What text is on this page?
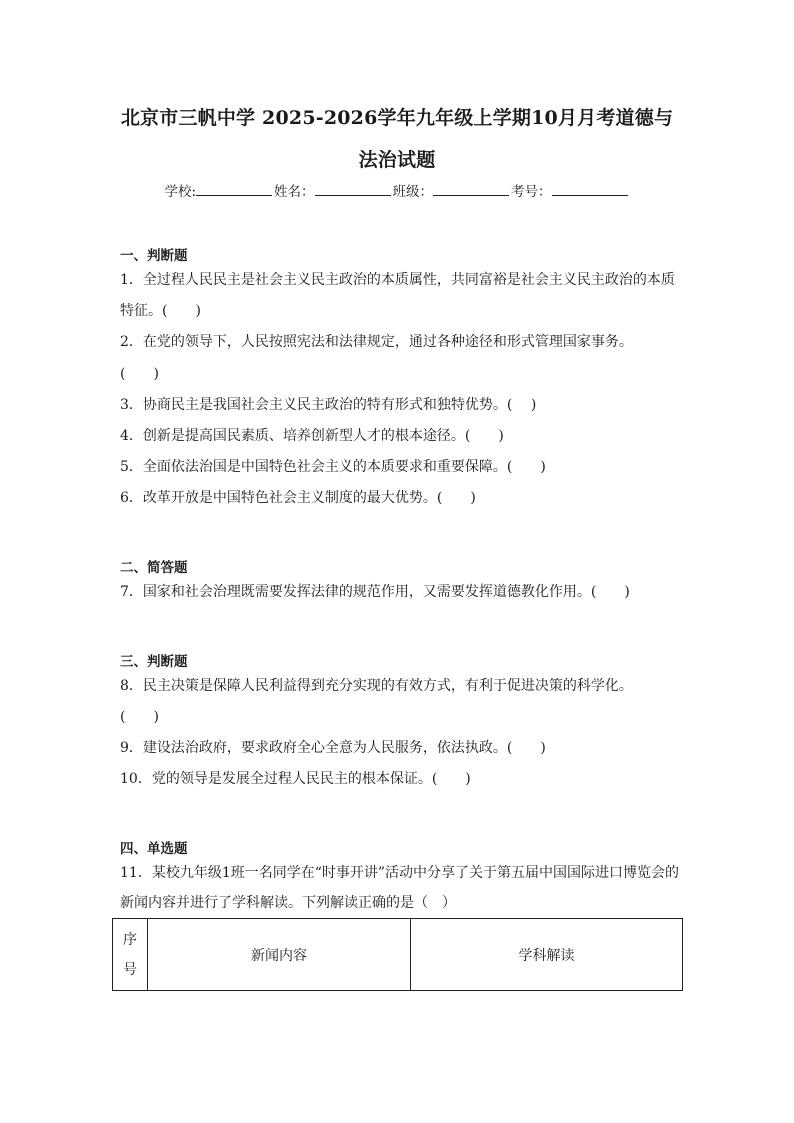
北京市三帆中学 2025-2026学年九年级上学期10月月考道德与
法治试题
学校:	姓名：	班级：	考号：
一、判断题
1．全过程人民民主是社会主义民主政治的本质属性，共同富裕是社会主义民主政治的本质
特征。(　　)
2．在党的领导下，人民按照宪法和法律规定，通过各种途径和形式管理国家事务。
(　　)
3．协商民主是我国社会主义民主政治的特有形式和独特优势。(　 )
4．创新是提高国民素质、培养创新型人才的根本途径。(　　)
5．全面依法治国是中国特色社会主义的本质要求和重要保障。(　　)
6．改革开放是中国特色社会主义制度的最大优势。(　　)
二、简答题
7．国家和社会治理既需要发挥法律的规范作用，又需要发挥道德教化作用。(　　)
三、判断题
8．民主决策是保障人民利益得到充分实现的有效方式，有利于促进决策的科学化。
(　　)
9．建设法治政府，要求政府全心全意为人民服务，依法执政。(　　)
10．党的领导是发展全过程人民民主的根本保证。(　　)
四、单选题
11．某校九年级1班一名同学在“时事开讲”活动中分享了关于第五届中国国际进口博览会的
新闻内容并进行了学科解读。下列解读正确的是（　）
序
号	新闻内容	学科解读
